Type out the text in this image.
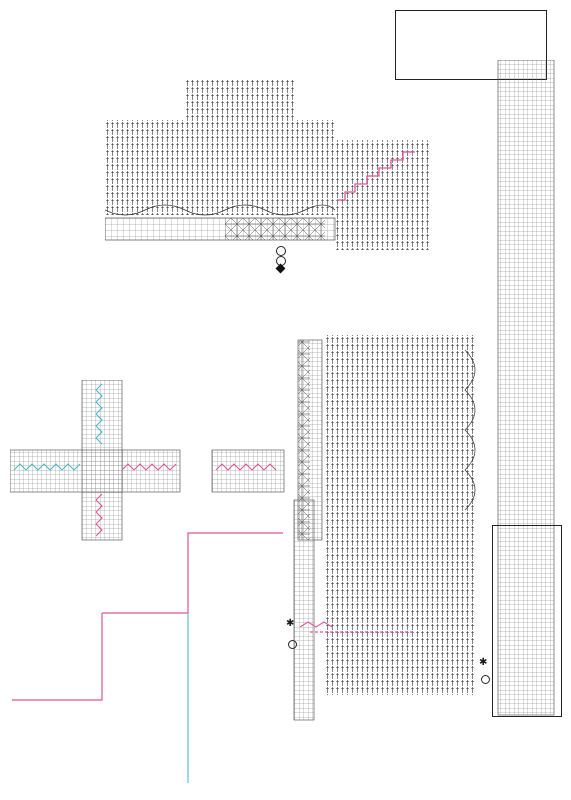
✱
✱
